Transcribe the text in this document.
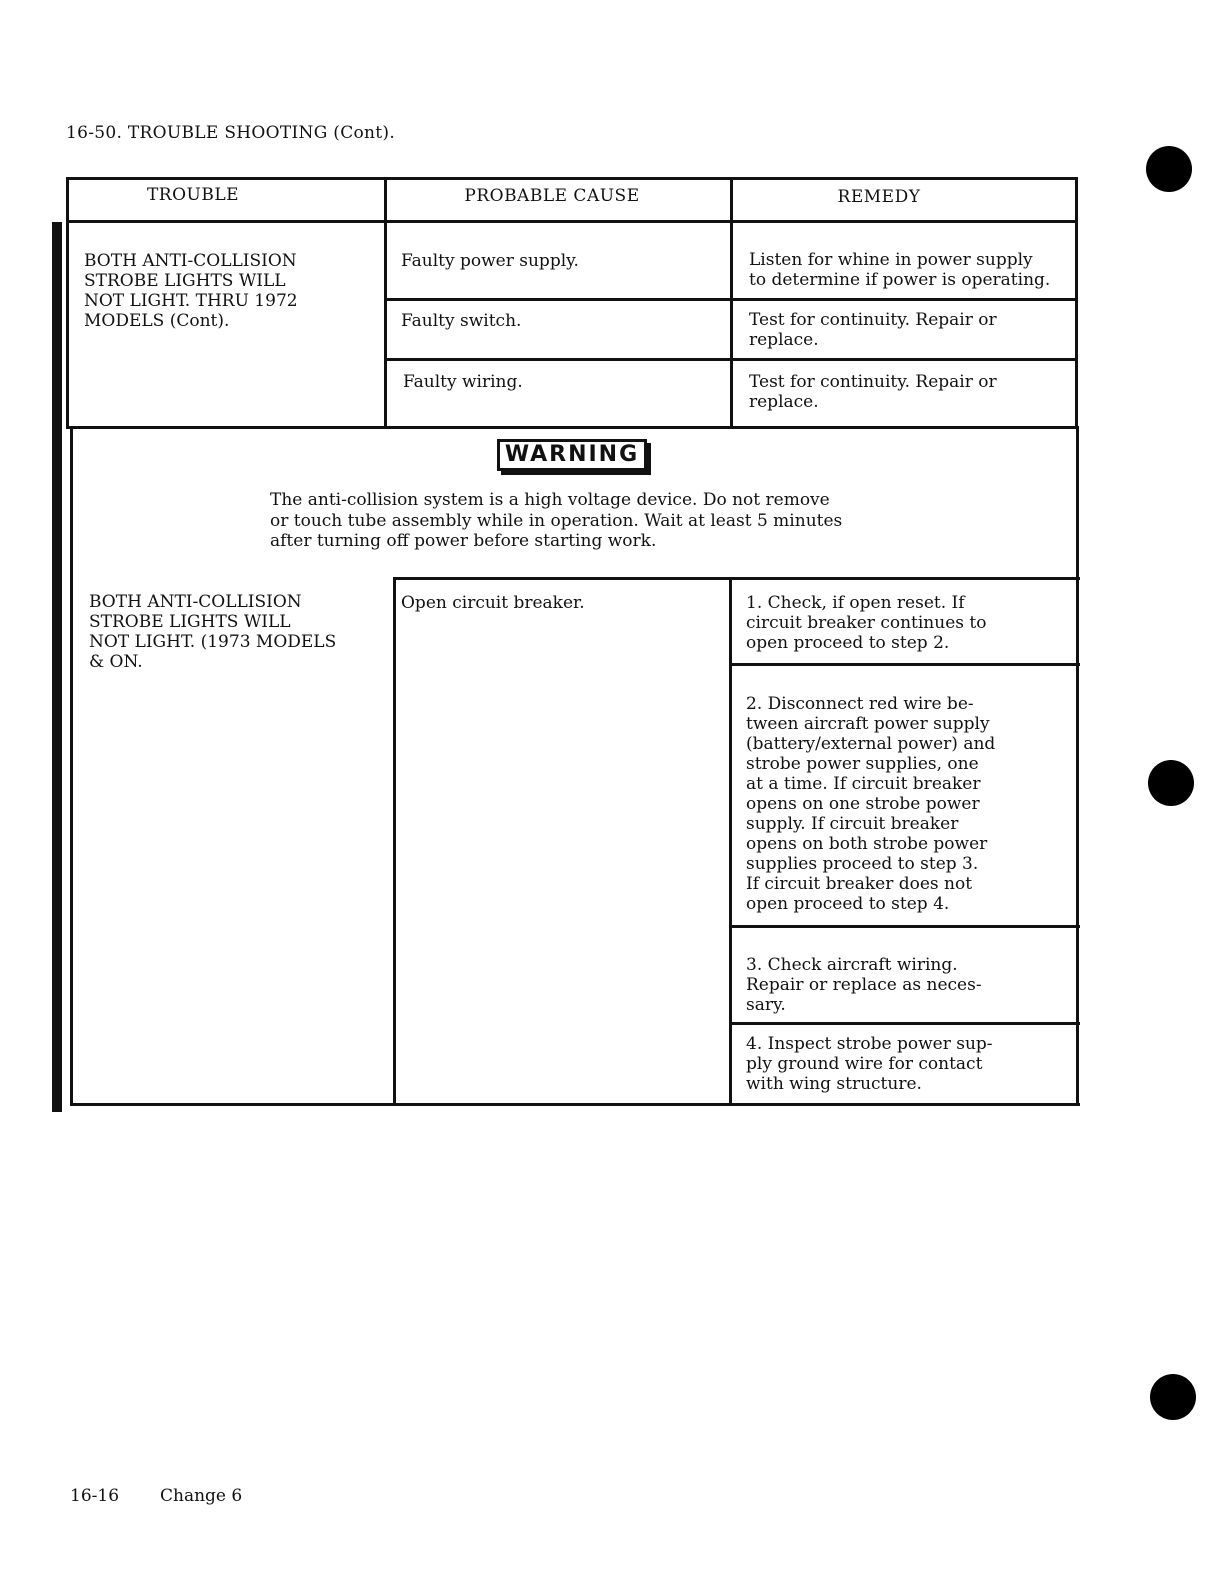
16-50. TROUBLE SHOOTING (Cont).
TROUBLE	PROBABLE CAUSE	REMEDY
BOTH ANTI-COLLISION
STROBE LIGHTS WILL
NOT LIGHT. THRU 1972
MODELS (Cont).
Faulty power supply.	Listen for whine in power supply
to determine if power is operating.
Faulty switch.	Test for continuity. Repair or
replace.
Faulty wiring.	Test for continuity. Repair or
replace.
WARNING
The anti-collision system is a high voltage device. Do not remove
or touch tube assembly while in operation. Wait at least 5 minutes
after turning off power before starting work.
BOTH ANTI-COLLISION
STROBE LIGHTS WILL
NOT LIGHT. (1973 MODELS
& ON.
Open circuit breaker.	1. Check, if open reset. If
circuit breaker continues to
open proceed to step 2.
2. Disconnect red wire be-
tween aircraft power supply
(battery/external power) and
strobe power supplies, one
at a time. If circuit breaker
opens on one strobe power
supply. If circuit breaker
opens on both strobe power
supplies proceed to step 3.
If circuit breaker does not
open proceed to step 4.
3. Check aircraft wiring.
Repair or replace as neces-
sary.
4. Inspect strobe power sup-
ply ground wire for contact
with wing structure.
16-16 Change 6
